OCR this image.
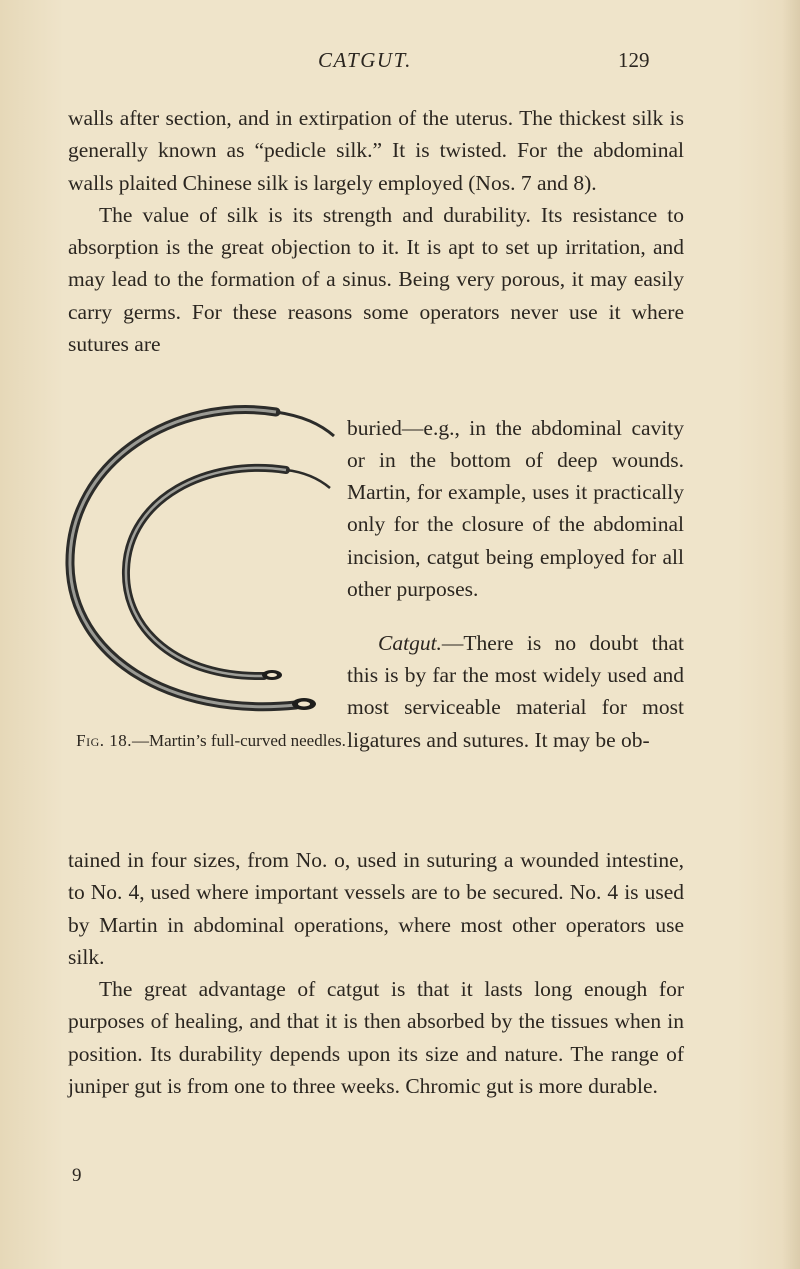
CATGUT.	129

walls after section, and in extirpation of the uterus. The thickest silk is generally known as “pedicle silk.” It is twisted. For the abdominal walls plaited Chinese silk is largely employed (Nos. 7 and 8).

The value of silk is its strength and durability. Its resistance to absorption is the great objection to it. It is apt to set up irritation, and may lead to the formation of a sinus. Being very porous, it may easily carry germs. For these reasons some operators never use it where sutures are

Fig. 18.—Martin’s full-curved needles.

buried—e.g., in the abdominal cavity or in the bottom of deep wounds. Martin, for example, uses it practically only for the closure of the abdominal incision, catgut being employed for all other purposes.

Catgut.—There is no doubt that this is by far the most widely used and most serviceable material for most ligatures and sutures. It may be ob-

tained in four sizes, from No. o, used in suturing a wounded intestine, to No. 4, used where important vessels are to be secured. No. 4 is used by Martin in abdominal operations, where most other operators use silk.

The great advantage of catgut is that it lasts long enough for purposes of healing, and that it is then absorbed by the tissues when in position. Its durability depends upon its size and nature. The range of juniper gut is from one to three weeks. Chromic gut is more durable.

9
